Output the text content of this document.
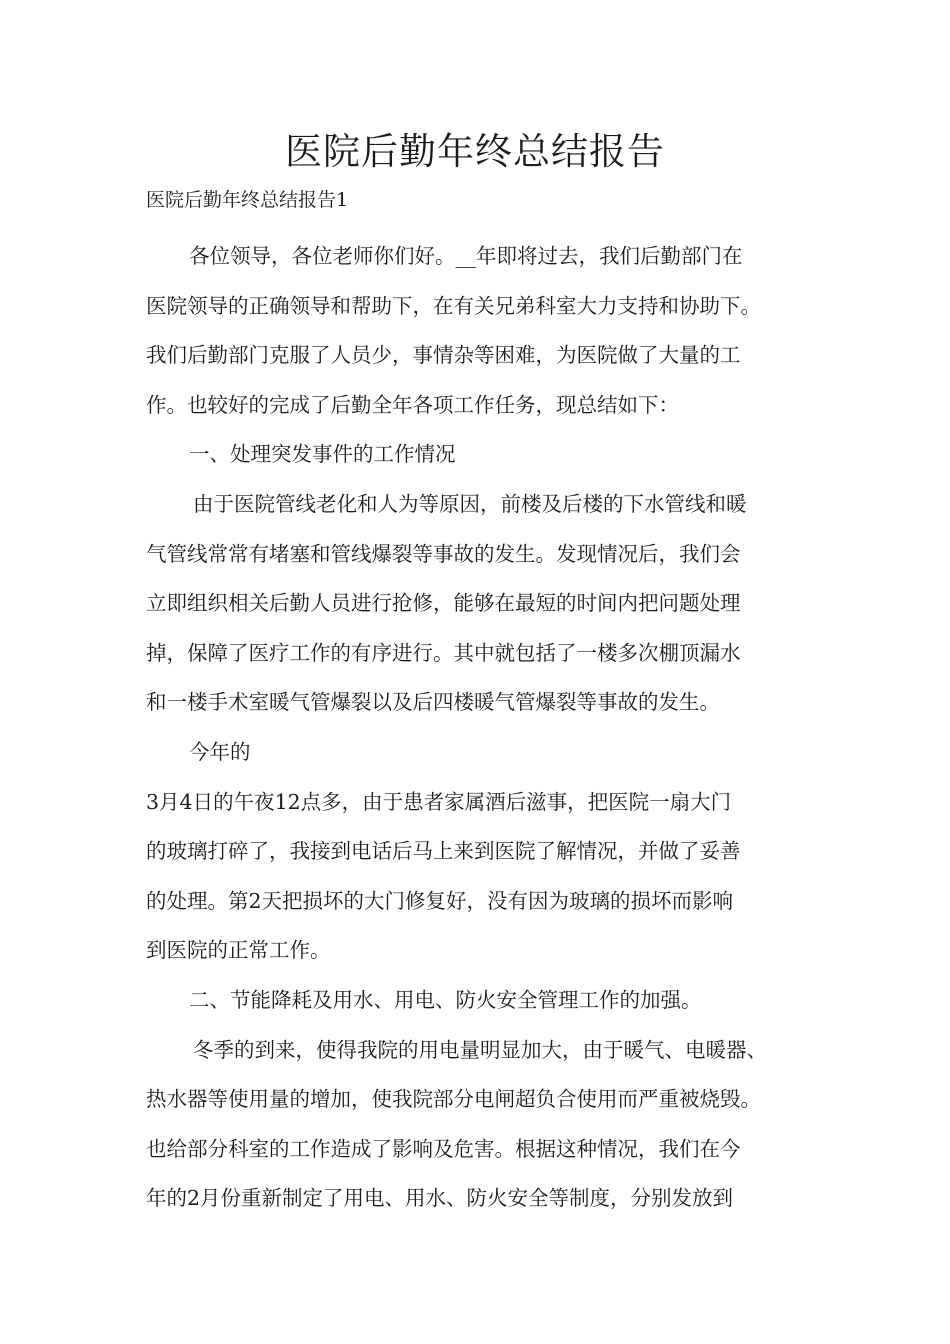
医院后勤年终总结报告

医院后勤年终总结报告1

各位领导，各位老师你们好。__年即将过去，我们后勤部门在

医院领导的正确领导和帮助下，在有关兄弟科室大力支持和协助下。

我们后勤部门克服了人员少，事情杂等困难，为医院做了大量的工

作。也较好的完成了后勤全年各项工作任务，现总结如下：

一、处理突发事件的工作情况

由于医院管线老化和人为等原因，前楼及后楼的下水管线和暖

气管线常常有堵塞和管线爆裂等事故的发生。发现情况后，我们会

立即组织相关后勤人员进行抢修，能够在最短的时间内把问题处理

掉，保障了医疗工作的有序进行。其中就包括了一楼多次棚顶漏水

和一楼手术室暖气管爆裂以及后四楼暖气管爆裂等事故的发生。

今年的

3月4日的午夜12点多，由于患者家属酒后滋事，把医院一扇大门

的玻璃打碎了，我接到电话后马上来到医院了解情况，并做了妥善

的处理。第2天把损坏的大门修复好，没有因为玻璃的损坏而影响

到医院的正常工作。

二、节能降耗及用水、用电、防火安全管理工作的加强。

冬季的到来，使得我院的用电量明显加大，由于暖气、电暖器、

热水器等使用量的增加，使我院部分电闸超负合使用而严重被烧毁。

也给部分科室的工作造成了影响及危害。根据这种情况，我们在今

年的2月份重新制定了用电、用水、防火安全等制度，分别发放到
